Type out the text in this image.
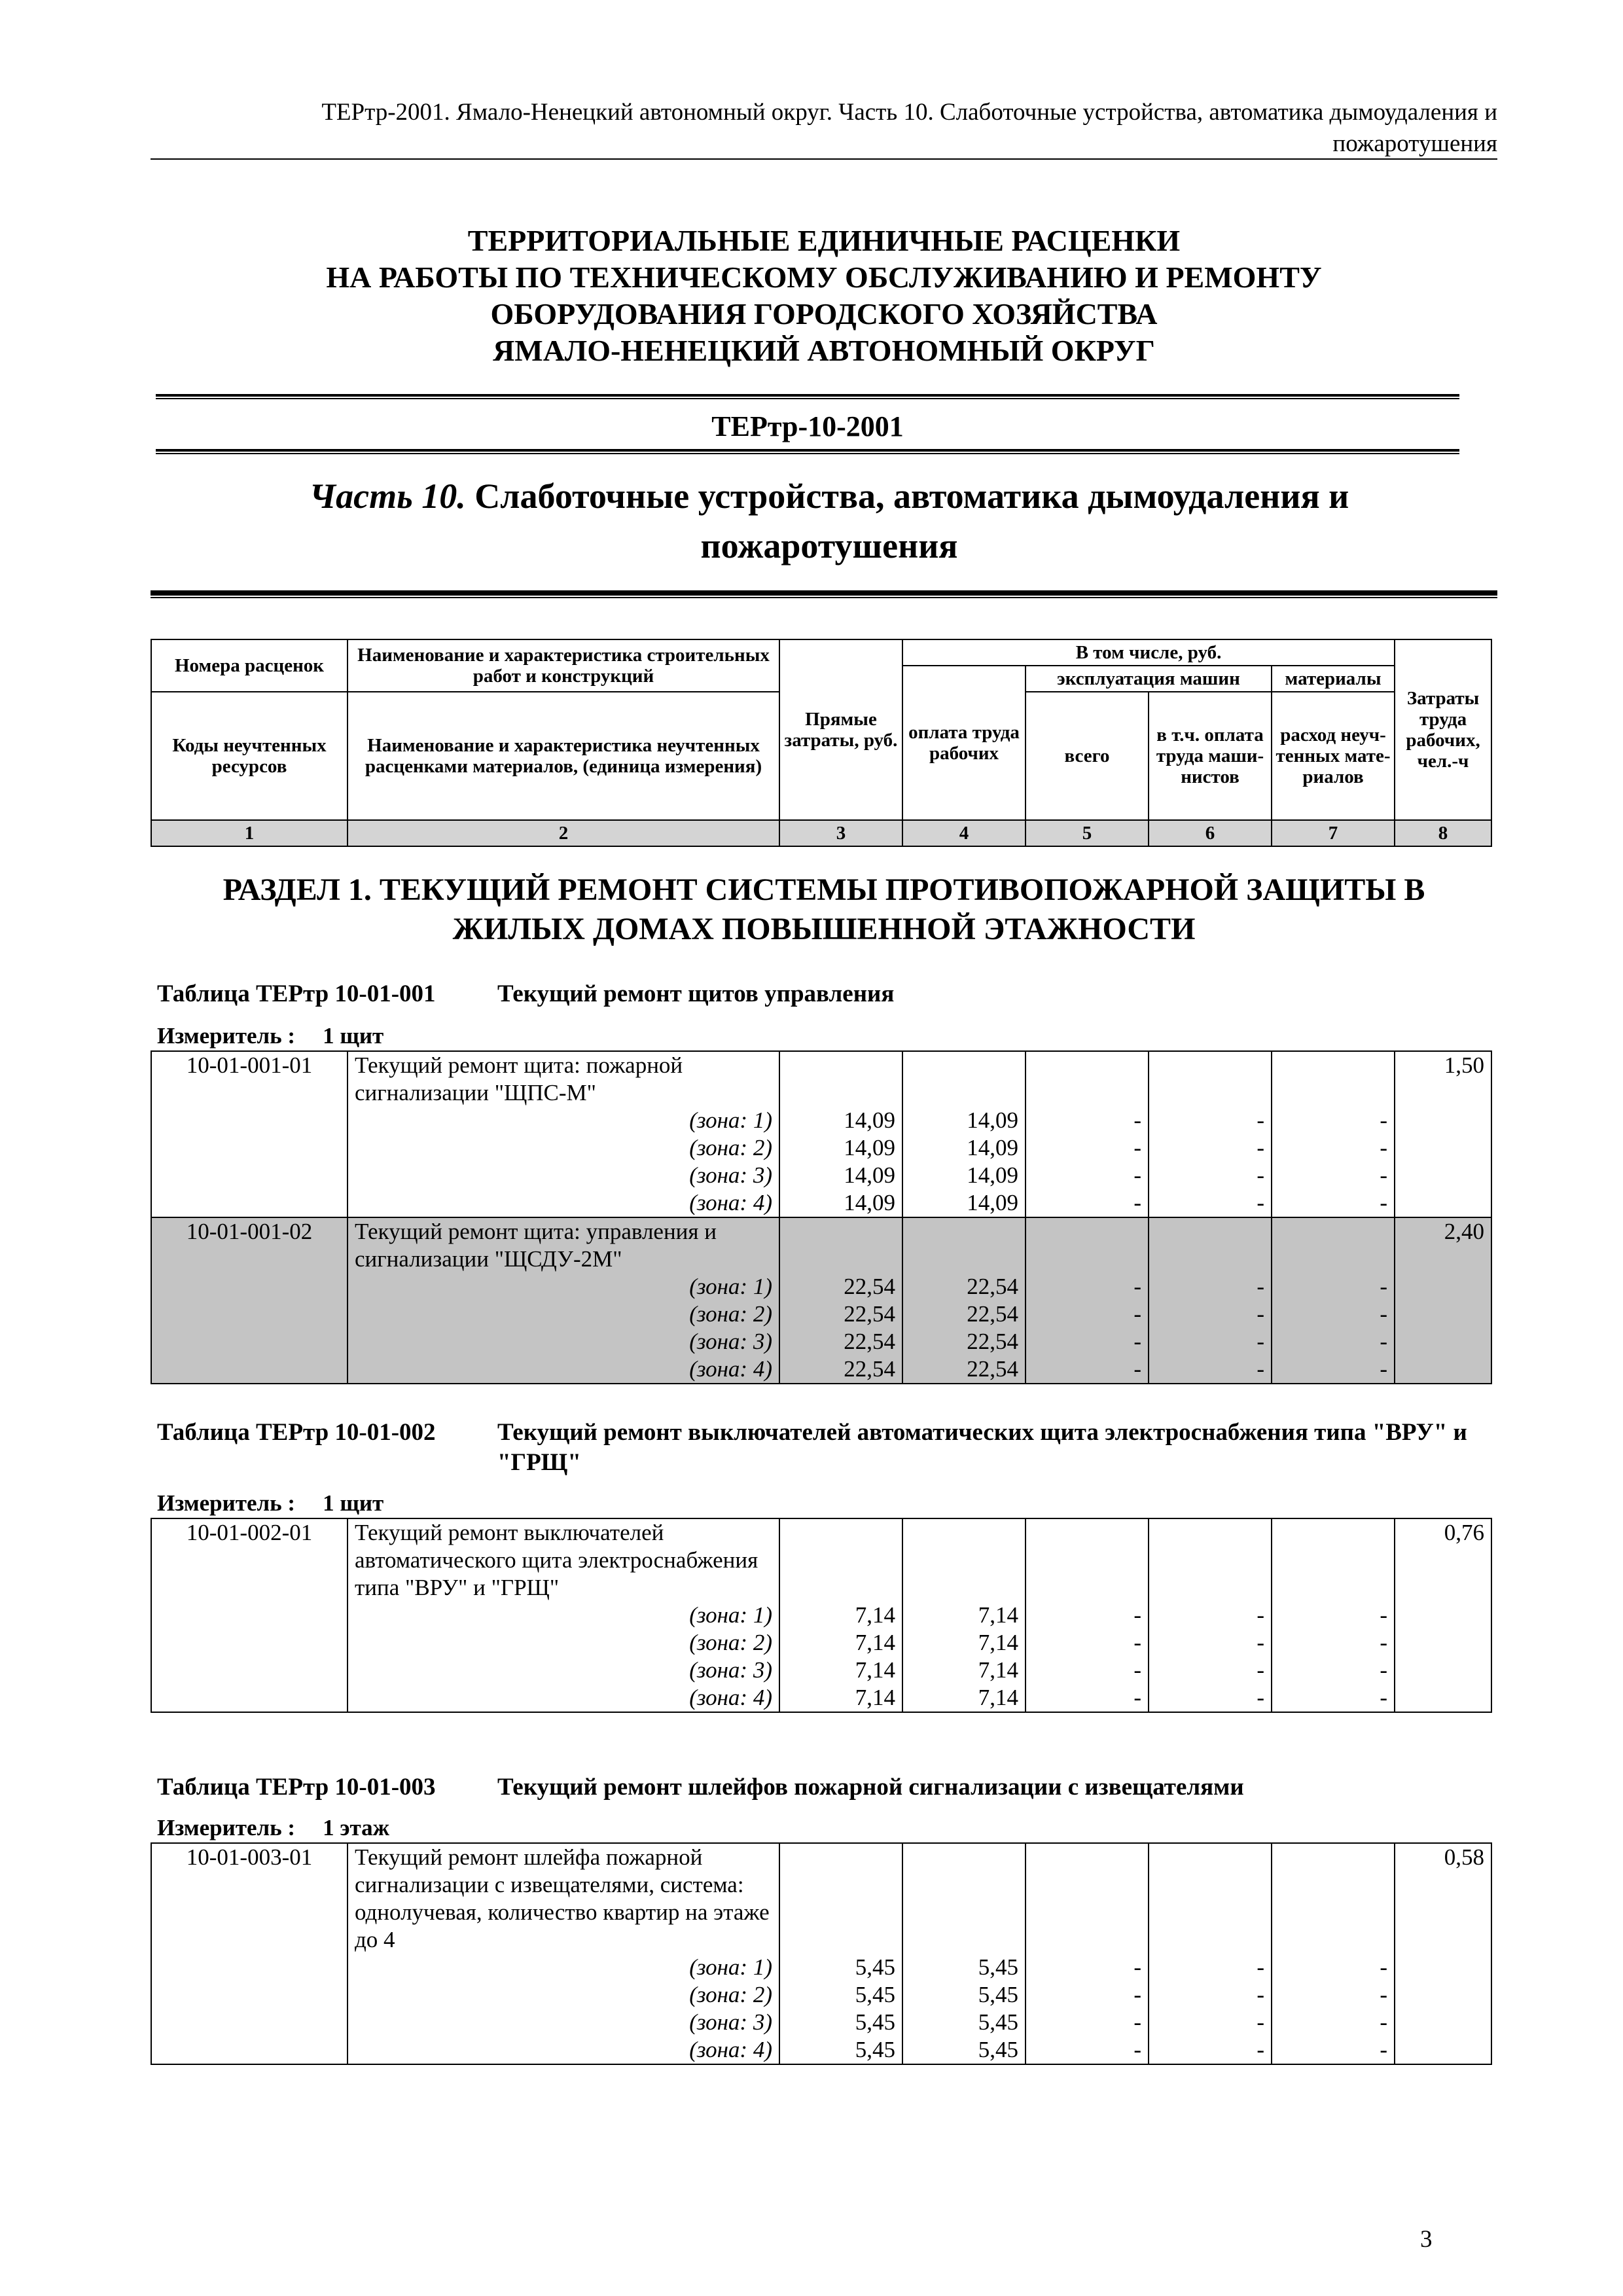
ТЕРтр-2001. Ямало-Ненецкий автономный округ. Часть 10. Слаботочные устройства, автоматика дымоудаления и
пожаротушения
ТЕРРИТОРИАЛЬНЫЕ ЕДИНИЧНЫЕ РАСЦЕНКИ
НА РАБОТЫ ПО ТЕХНИЧЕСКОМУ ОБСЛУЖИВАНИЮ И РЕМОНТУ
ОБОРУДОВАНИЯ ГОРОДСКОГО ХОЗЯЙСТВА
ЯМАЛО-НЕНЕЦКИЙ АВТОНОМНЫЙ ОКРУГ
ТЕРтр-10-2001
Часть 10. Слаботочные устройства, автоматика дымоудаления и
пожаротушения
Номера расценок	Наименование и характеристика строительных работ и конструкций	Прямые затраты, руб.	В том числе, руб.				Затраты труда рабочих, чел.-ч
			оплата труда рабочих	эксплуатация машин		материалы	
Коды неучтенных ресурсов	Наименование и характеристика неучтенных расценками материалов, (единица измерения)			всего	в т.ч. оплата труда маши-нистов	расход неуч-тенных мате-риалов	
1	2	3	4	5	6	7	8
РАЗДЕЛ 1. ТЕКУЩИЙ РЕМОНТ СИСТЕМЫ ПРОТИВОПОЖАРНОЙ ЗАЩИТЫ В
ЖИЛЫХ ДОМАХ ПОВЫШЕННОЙ ЭТАЖНОСТИ
Таблица ТЕРтр 10-01-001	Текущий ремонт щитов управления
Измеритель : 1 щит
10-01-001-01	Текущий ремонт щита: пожарной сигнализации "ЩПС-М"						1,50
	(зона: 1)	14,09	14,09	-	-	-	
	(зона: 2)	14,09	14,09	-	-	-	
	(зона: 3)	14,09	14,09	-	-	-	
	(зона: 4)	14,09	14,09	-	-	-	
10-01-001-02	Текущий ремонт щита: управления и сигнализации "ЩСДУ-2М"						2,40
	(зона: 1)	22,54	22,54	-	-	-	
	(зона: 2)	22,54	22,54	-	-	-	
	(зона: 3)	22,54	22,54	-	-	-	
	(зона: 4)	22,54	22,54	-	-	-	
Таблица ТЕРтр 10-01-002	Текущий ремонт выключателей автоматических щита электроснабжения типа "ВРУ" и "ГРЩ"
Измеритель : 1 щит
10-01-002-01	Текущий ремонт выключателей автоматического щита электроснабжения типа "ВРУ" и "ГРЩ"						0,76
	(зона: 1)	7,14	7,14	-	-	-	
	(зона: 2)	7,14	7,14	-	-	-	
	(зона: 3)	7,14	7,14	-	-	-	
	(зона: 4)	7,14	7,14	-	-	-	
Таблица ТЕРтр 10-01-003	Текущий ремонт шлейфов пожарной сигнализации с извещателями
Измеритель : 1 этаж
10-01-003-01	Текущий ремонт шлейфа пожарной сигнализации с извещателями, система: однолучевая, количество квартир на этаже до 4						0,58
	(зона: 1)	5,45	5,45	-	-	-	
	(зона: 2)	5,45	5,45	-	-	-	
	(зона: 3)	5,45	5,45	-	-	-	
	(зона: 4)	5,45	5,45	-	-	-	
3
